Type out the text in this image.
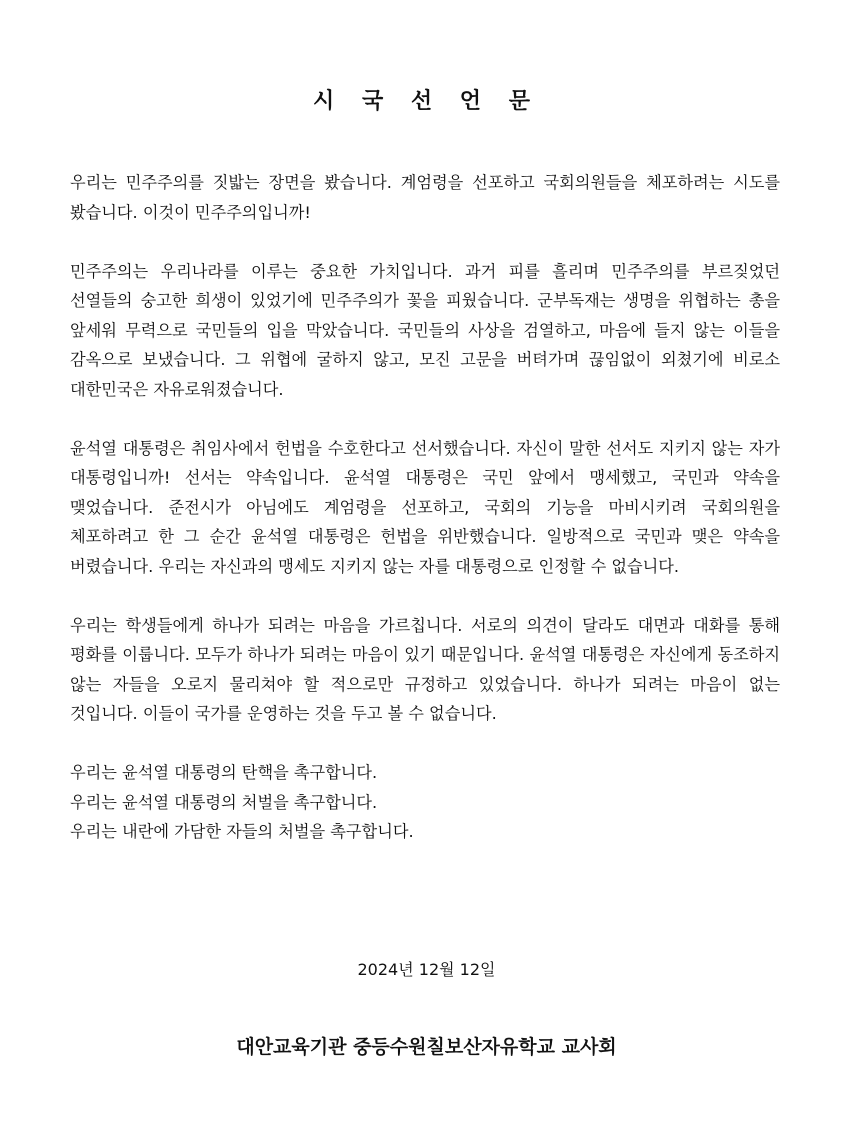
시 국 선 언 문

우리는 민주주의를 짓밟는 장면을 봤습니다. 계엄령을 선포하고 국회의원들을 체포하려는 시도를 봤습니다. 이것이 민주주의입니까!

민주주의는 우리나라를 이루는 중요한 가치입니다. 과거 피를 흘리며 민주주의를 부르짖었던 선열들의 숭고한 희생이 있었기에 민주주의가 꽃을 피웠습니다. 군부독재는 생명을 위협하는 총을 앞세워 무력으로 국민들의 입을 막았습니다. 국민들의 사상을 검열하고, 마음에 들지 않는 이들을 감옥으로 보냈습니다. 그 위협에 굴하지 않고, 모진 고문을 버텨가며 끊임없이 외쳤기에 비로소 대한민국은 자유로워졌습니다.

윤석열 대통령은 취임사에서 헌법을 수호한다고 선서했습니다. 자신이 말한 선서도 지키지 않는 자가 대통령입니까! 선서는 약속입니다. 윤석열 대통령은 국민 앞에서 맹세했고, 국민과 약속을 맺었습니다. 준전시가 아님에도 계엄령을 선포하고, 국회의 기능을 마비시키려 국회의원을 체포하려고 한 그 순간 윤석열 대통령은 헌법을 위반했습니다. 일방적으로 국민과 맺은 약속을 버렸습니다. 우리는 자신과의 맹세도 지키지 않는 자를 대통령으로 인정할 수 없습니다.

우리는 학생들에게 하나가 되려는 마음을 가르칩니다. 서로의 의견이 달라도 대면과 대화를 통해 평화를 이룹니다. 모두가 하나가 되려는 마음이 있기 때문입니다. 윤석열 대통령은 자신에게 동조하지 않는 자들을 오로지 물리쳐야 할 적으로만 규정하고 있었습니다. 하나가 되려는 마음이 없는 것입니다. 이들이 국가를 운영하는 것을 두고 볼 수 없습니다.

우리는 윤석열 대통령의 탄핵을 촉구합니다.
우리는 윤석열 대통령의 처벌을 촉구합니다.
우리는 내란에 가담한 자들의 처벌을 촉구합니다.
2024년 12월 12일
대안교육기관 중등수원칠보산자유학교 교사회
